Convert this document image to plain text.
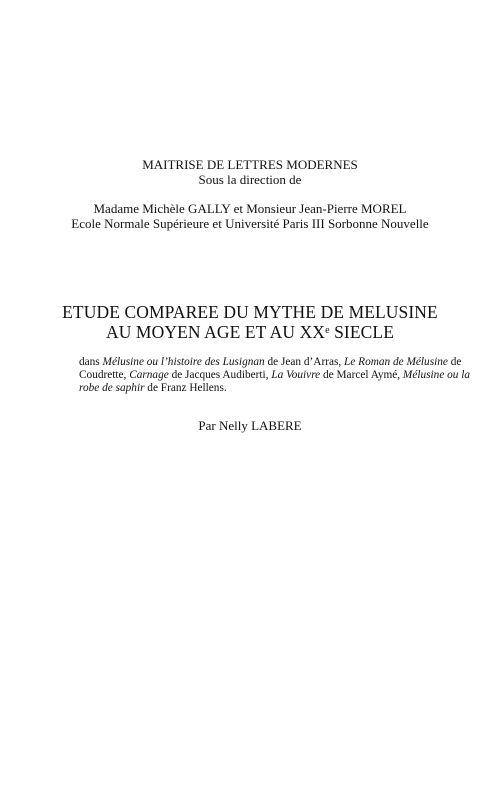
MAITRISE DE LETTRES MODERNES
Sous la direction de
Madame Michèle GALLY et Monsieur Jean-Pierre MOREL
Ecole Normale Supérieure et Université Paris III Sorbonne Nouvelle
ETUDE COMPAREE DU MYTHE DE MELUSINE
AU MOYEN AGE ET AU XXe SIECLE
dans Mélusine ou l’histoire des Lusignan de Jean d’Arras, Le Roman de Mélusine de
Coudrette, Carnage de Jacques Audiberti, La Vouivre de Marcel Aymé, Mélusine ou la
robe de saphir de Franz Hellens.
Par Nelly LABERE
